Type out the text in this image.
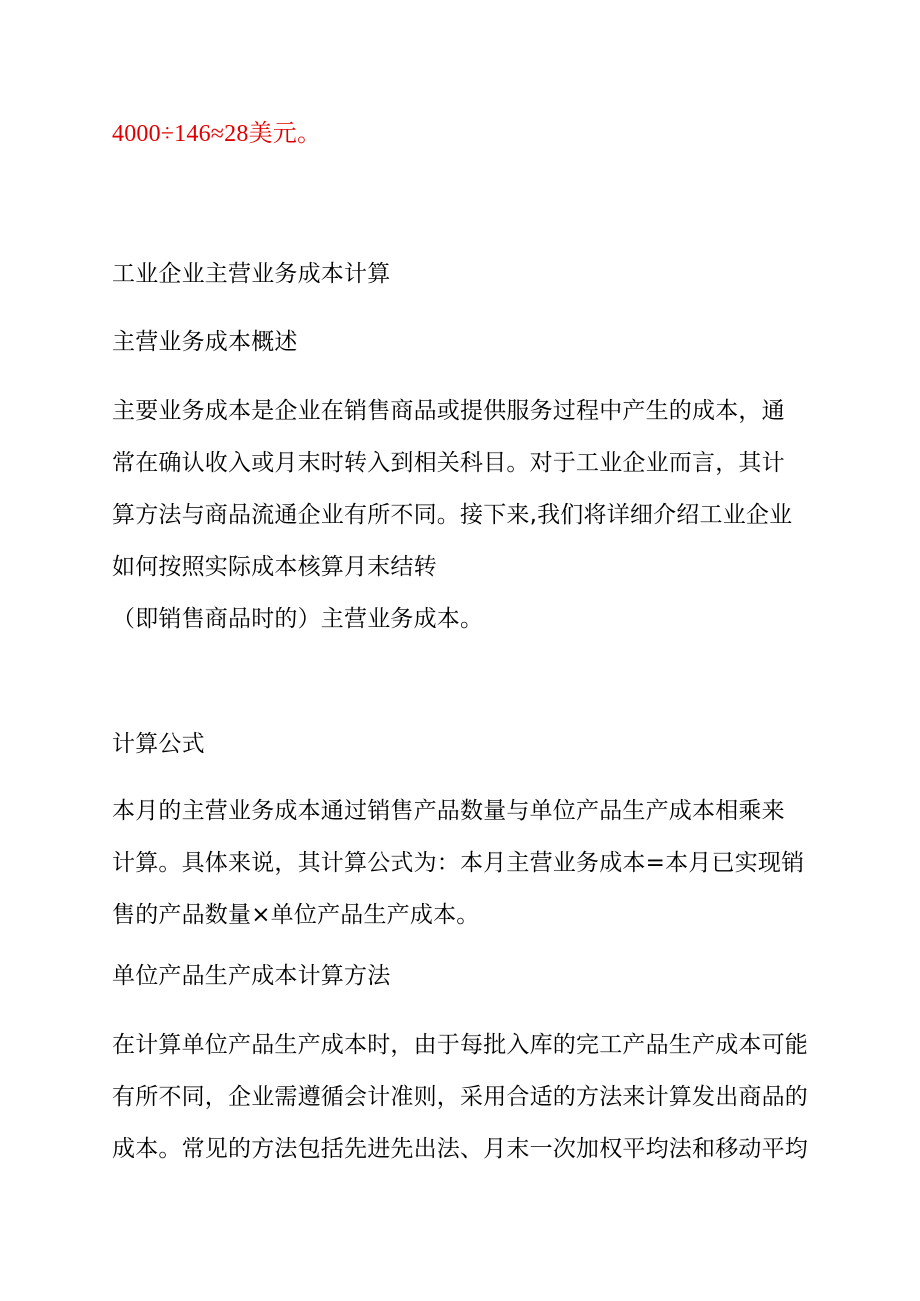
4000÷146≈28美元。

工业企业主营业务成本计算

主营业务成本概述

主要业务成本是企业在销售商品或提供服务过程中产生的成本，通
常在确认收入或月末时转入到相关科目。对于工业企业而言，其计
算方法与商品流通企业有所不同。接下来,我们将详细介绍工业企业
如何按照实际成本核算月末结转
（即销售商品时的）主营业务成本。

计算公式

本月的主营业务成本通过销售产品数量与单位产品生产成本相乘来
计算。具体来说，其计算公式为：本月主营业务成本=本月已实现销
售的产品数量×单位产品生产成本。

单位产品生产成本计算方法

在计算单位产品生产成本时，由于每批入库的完工产品生产成本可能
有所不同，企业需遵循会计准则，采用合适的方法来计算发出商品的
成本。常见的方法包括先进先出法、月末一次加权平均法和移动平均
